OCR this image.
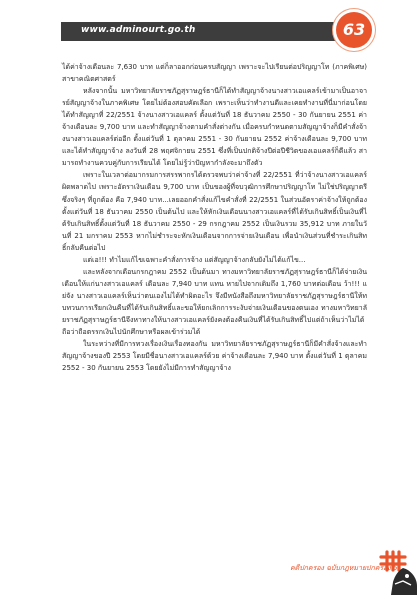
www.adminourt.go.th	63

ได้ค่าจ้างเดือนละ 7,630 บาท แต่ก็ลาออกก่อนครบสัญญา เพราะจะไปเรียนต่อปริญญาโท (ภาคพิเศษ) สาขาคณิตศาสตร์

หลังจากนั้น มหาวิทยาลัยราชภัฏสุราษฎร์ธานีก็ได้ทำสัญญาจ้างนางสาวเอแคลร์เข้ามาเป็นอาจารย์สัญญาจ้างในภาคพิเศษ โดยไม่ต้องสอบคัดเลือก เพราะเห็นว่าทำงานดีและเคยทำงานที่นี่มาก่อนโดยได้ทำสัญญาที่ 22/2551 จ้างนางสาวเอแคลร์ ตั้งแต่วันที่ 18 ธันวาคม 2550 - 30 กันยายน 2551 ค่าจ้างเดือนละ 9,700 บาท และทำสัญญาจ้างตามคำสั่งต่างกัน เมื่อครบกำหนดตามสัญญาจ้างก็มีคำสั่งจ้างนางสาวเอแคลร์ต่ออีก ตั้งแต่วันที่ 1 ตุลาคม 2551 - 30 กันยายน 2552 ค่าจ้างเดือนละ 9,700 บาท และได้ทำสัญญาจ้าง ลงวันที่ 28 พฤศจิกายน 2551 ซึ่งที่เป็นปกติจ้างปีต่อปีชีวิตของเอแคลร์ก็ดีแล้ว สามารถทำงานควบคู่กับการเรียนได้ โดยไม่รู้ว่าปัญหากำลังจะมาถึงตัว

เพราะในเวลาต่อมากรมการสรรพากรได้ตรวจพบว่าค่าจ้างที่ 22/2551 ที่ว่าจ้างนางสาวเอแคลร์ผิดพลาดไป เพราะอัตราเงินเดือน 9,700 บาท เป็นของผู้ที่จบวุฒิการศึกษาปริญญาโท ไม่ใช่ปริญญาตรีซึ่งจริงๆ ที่ถูกต้อง คือ 7,940 บาท...เลยออกคำสั่งแก้ไขคำสั่งที่ 22/2551 ในส่วนอัตราค่าจ้างให้ถูกต้อง ตั้งแต่วันที่ 18 ธันวาคม 2550 เป็นต้นไป และให้หักเงินเดือนนางสาวเอแคลร์ที่ได้รับเกินสิทธิ์เป็นเงินที่ได้รับเกินสิทธิ์ตั้งแต่วันที่ 18 ธันวาคม 2550 - 29 กรกฎาคม 2552 เป็นเงินรวม 35,912 บาท ภายในวันที่ 21 มกราคม 2553 หากไม่ชำระจะหักเงินเดือนจากการจ่ายเงินเดือน เพื่อนำเงินส่วนที่ชำระเกินสิทธิ์กลับคืนต่อไป

แต่เอ!!! ทำไมแก้ไขเฉพาะคำสั่งการจ้าง แต่สัญญาจ้างกลับยังไม่ได้แก้ไข...

และหลังจากเดือนกรกฎาคม 2552 เป็นต้นมา ทางมหาวิทยาลัยราชภัฏสุราษฎร์ธานีก็ได้จ่ายเงินเดือนให้แก่นางสาวเอแคลร์ เดือนละ 7,940 บาท แทน หายไปจากเดิมถึง 1,760 บาทต่อเดือน ว้า!!! แย่จัง นางสาวเอแคลร์เห็นว่าตนเองไม่ได้ทำผิดอะไร จึงมีหนังสือถึงมหาวิทยาลัยราชภัฏสุราษฎร์ธานีให้ทบทวนการเรียกเงินคืนที่ได้รับเกินสิทธิ์และขอให้ยกเลิกการระงับจ่ายเงินเดือนของตนเอง ทางมหาวิทยาลัยราชภัฏสุราษฎร์ธานีจึงหาทางให้นางสาวเอแคลร์ยังคงต้องคืนเงินที่ได้รับเกินสิทธิ์ไปแต่ถ้าเห็นว่าไม่ได้ถือว่าถือตรรกเงินไปนักศึกษาหรือผลเข้าร่วมได้

ในระหว่างที่มีการทวงเรื่องเงินเรื่องทองกัน มหาวิทยาลัยราชภัฏสุราษฎร์ธานีก็มีคำสั่งจ้างและทำสัญญาจ้างของปี 2553 โดยมีชื่อนางสาวเอแคลร์ด้วย ค่าจ้างเดือนละ 7,940 บาท ตั้งแต่วันที่ 1 ตุลาคม 2552 - 30 กันยายน 2553 โดยยังไม่มีการทำสัญญาจ้าง

คดีปกครอง ฉบับกฎหมายปกครอง 5
